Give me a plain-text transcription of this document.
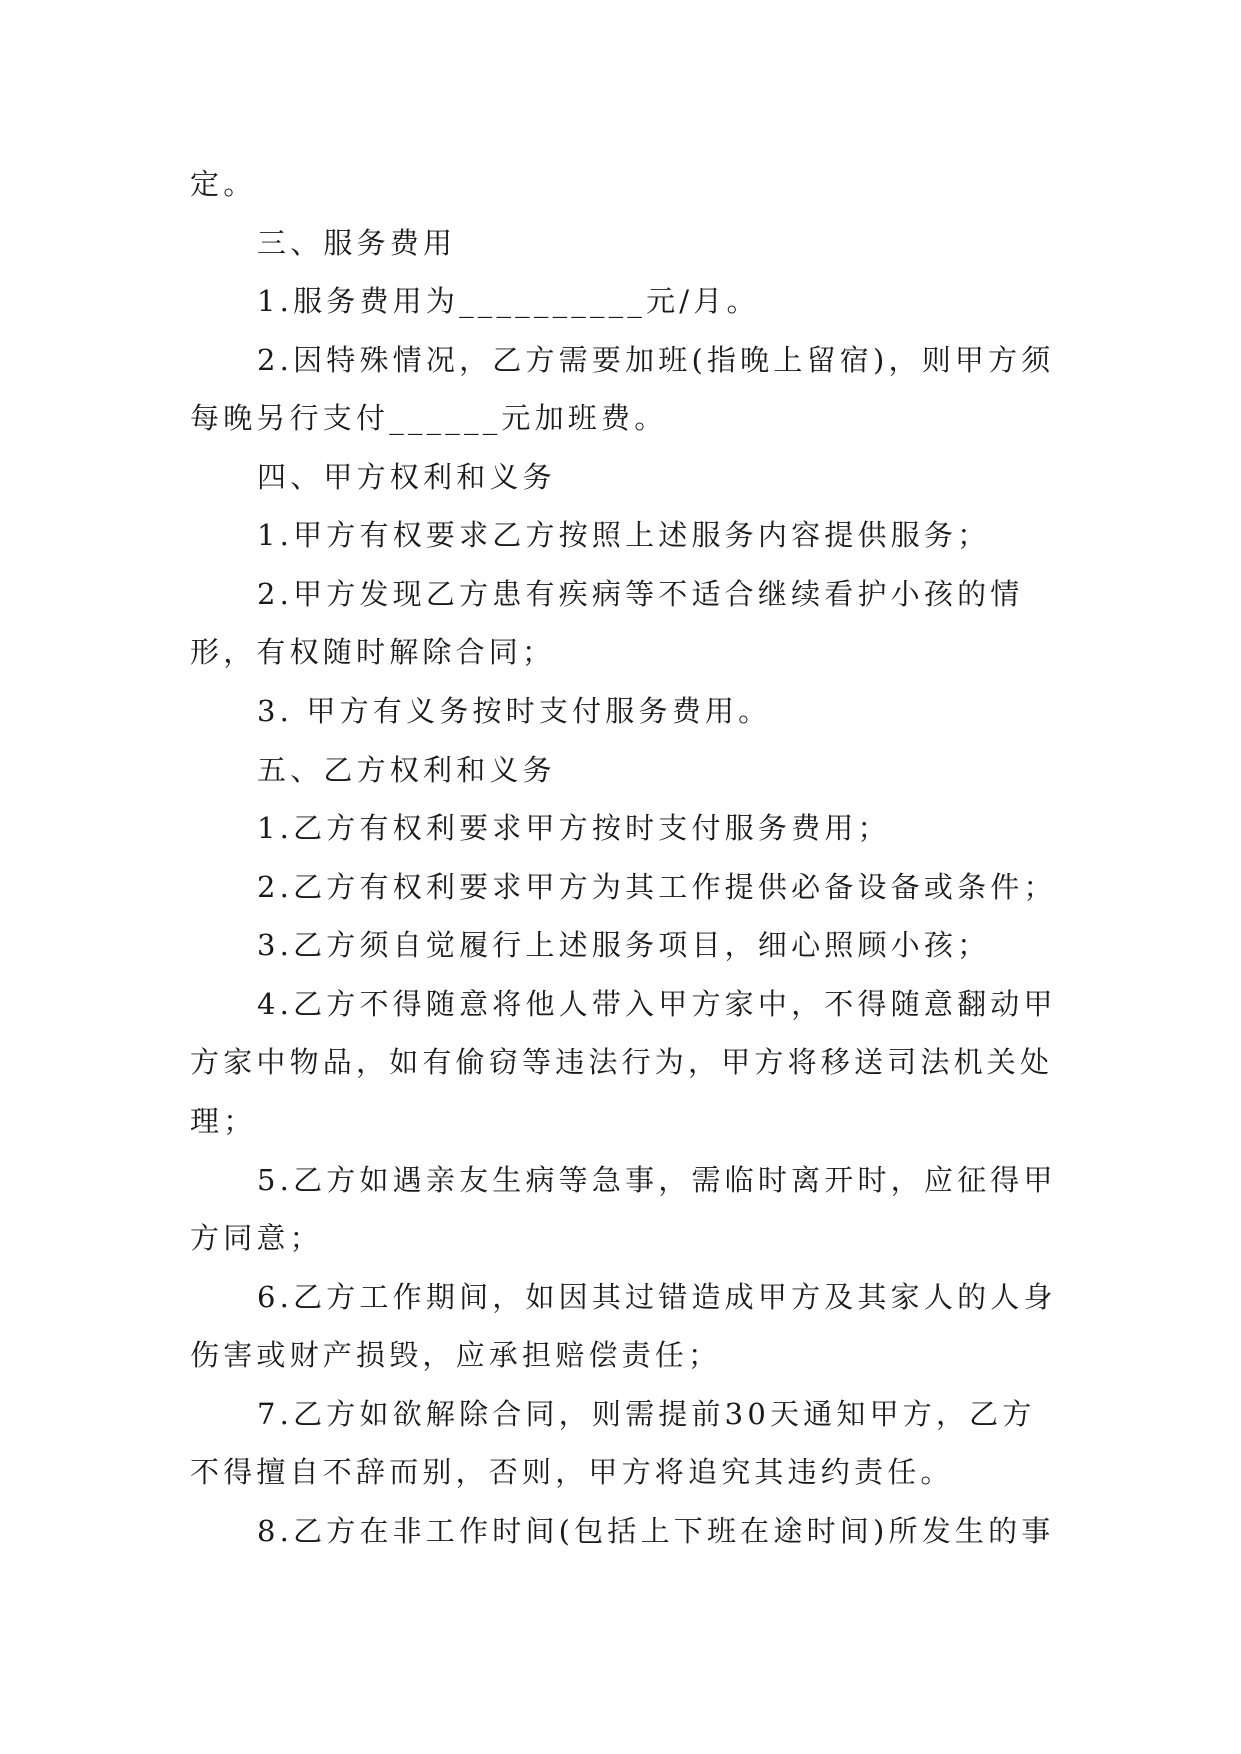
定。
三、服务费用
1.服务费用为__________元/月。
2.因特殊情况，乙方需要加班(指晚上留宿)，则甲方须
每晚另行支付______元加班费。
四、甲方权利和义务
1.甲方有权要求乙方按照上述服务内容提供服务；
2.甲方发现乙方患有疾病等不适合继续看护小孩的情
形，有权随时解除合同；
3. 甲方有义务按时支付服务费用。
五、乙方权利和义务
1.乙方有权利要求甲方按时支付服务费用；
2.乙方有权利要求甲方为其工作提供必备设备或条件；
3.乙方须自觉履行上述服务项目，细心照顾小孩；
4.乙方不得随意将他人带入甲方家中，不得随意翻动甲
方家中物品，如有偷窃等违法行为，甲方将移送司法机关处
理；
5.乙方如遇亲友生病等急事，需临时离开时，应征得甲
方同意；
6.乙方工作期间，如因其过错造成甲方及其家人的人身
伤害或财产损毁，应承担赔偿责任；
7.乙方如欲解除合同，则需提前30天通知甲方，乙方
不得擅自不辞而别，否则，甲方将追究其违约责任。
8.乙方在非工作时间(包括上下班在途时间)所发生的事
